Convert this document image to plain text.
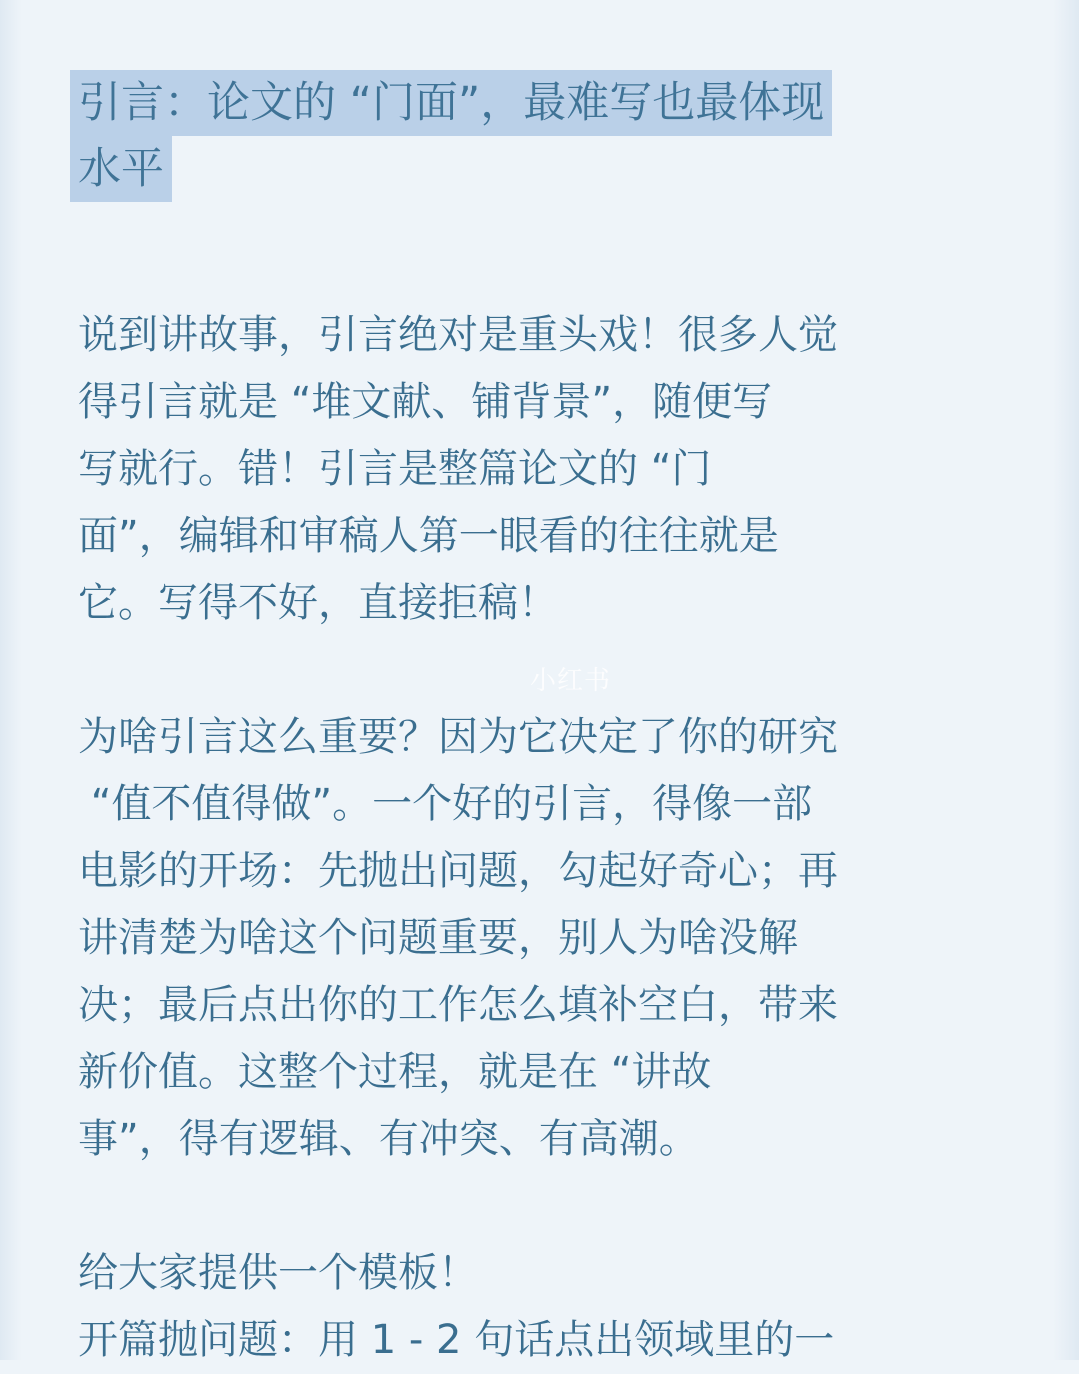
引言：论文的 “门面”，最难写也最体现
水平
说到讲故事，引言绝对是重头戏！很多人觉
得引言就是 “堆文献、铺背景”，随便写
写就行。错！引言是整篇论文的 “门
面”，编辑和审稿人第一眼看的往往就是
它。写得不好，直接拒稿！
为啥引言这么重要？因为它决定了你的研究
“值不值得做”。一个好的引言，得像一部
电影的开场：先抛出问题，勾起好奇心；再
讲清楚为啥这个问题重要，别人为啥没解
决；最后点出你的工作怎么填补空白，带来
新价值。这整个过程，就是在 “讲故
事”，得有逻辑、有冲突、有高潮。
给大家提供一个模板！
开篇抛问题：用 1 - 2 句话点出领域里的一
小红书
